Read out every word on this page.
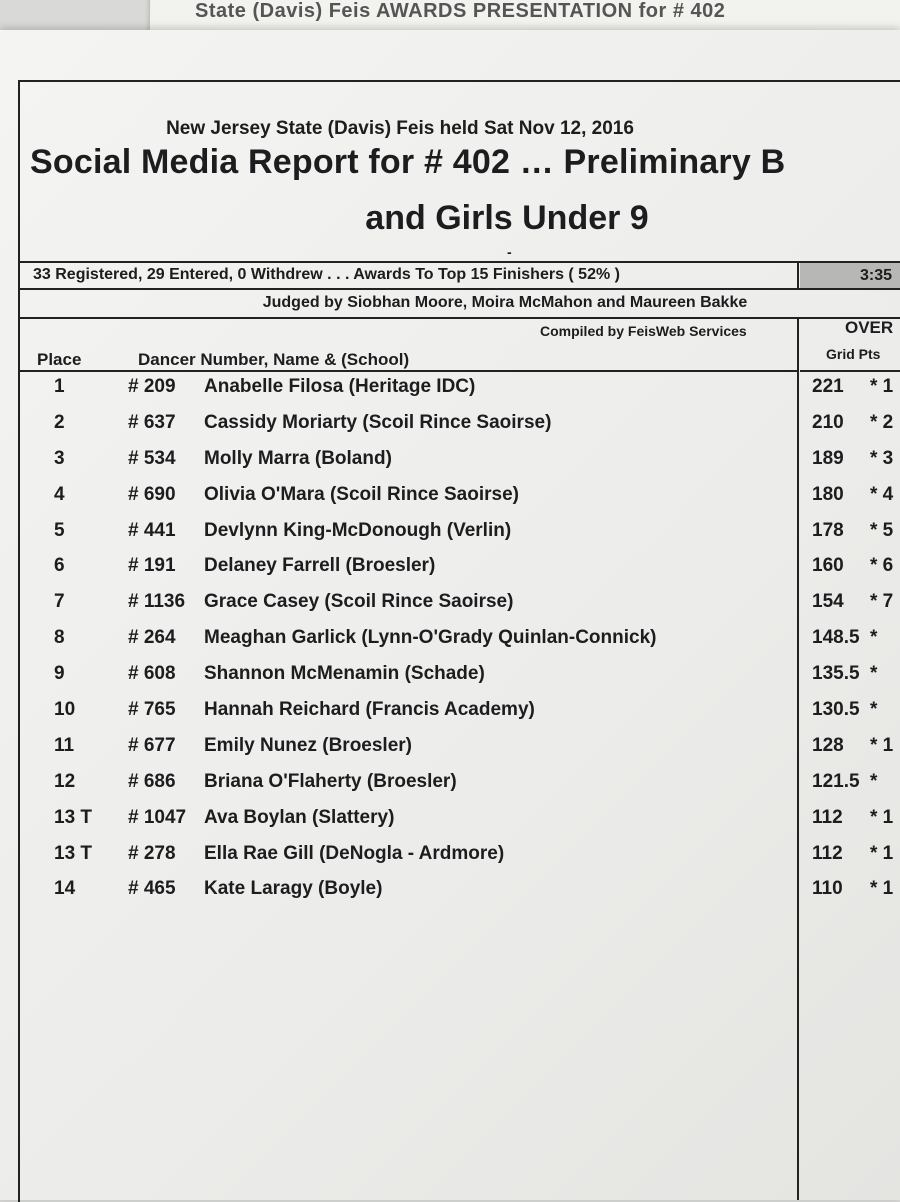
State (Davis) Feis AWARDS PRESENTATION for # 402
New Jersey State (Davis) Feis held Sat Nov 12, 2016
Social Media Report for # 402 … Preliminary B
and Girls Under 9
-
33 Registered, 29 Entered, 0 Withdrew . . . Awards To Top 15 Finishers ( 52% )	3:35
Judged by Siobhan Moore, Moira McMahon and Maureen Bakke
Compiled by FeisWeb Services	OVER
Place	Dancer Number, Name & (School)	Grid Pts
1	# 209 Anabelle Filosa (Heritage IDC)	221 * 1
2	# 637 Cassidy Moriarty (Scoil Rince Saoirse)	210 * 2
3	# 534 Molly Marra (Boland)	189 * 3
4	# 690 Olivia O'Mara (Scoil Rince Saoirse)	180 * 4
5	# 441 Devlynn King-McDonough (Verlin)	178 * 5
6	# 191 Delaney Farrell (Broesler)	160 * 6
7	# 1136 Grace Casey (Scoil Rince Saoirse)	154 * 7
8	# 264 Meaghan Garlick (Lynn-O'Grady Quinlan-Connick)	148.5 *
9	# 608 Shannon McMenamin (Schade)	135.5 *
10	# 765 Hannah Reichard (Francis Academy)	130.5 *
11	# 677 Emily Nunez (Broesler)	128 * 1
12	# 686 Briana O'Flaherty (Broesler)	121.5 *
13 T # 1047 Ava Boylan (Slattery)	112 * 1
13 T # 278 Ella Rae Gill (DeNogla - Ardmore)	112 * 1
14	# 465 Kate Laragy (Boyle)	110 * 1
